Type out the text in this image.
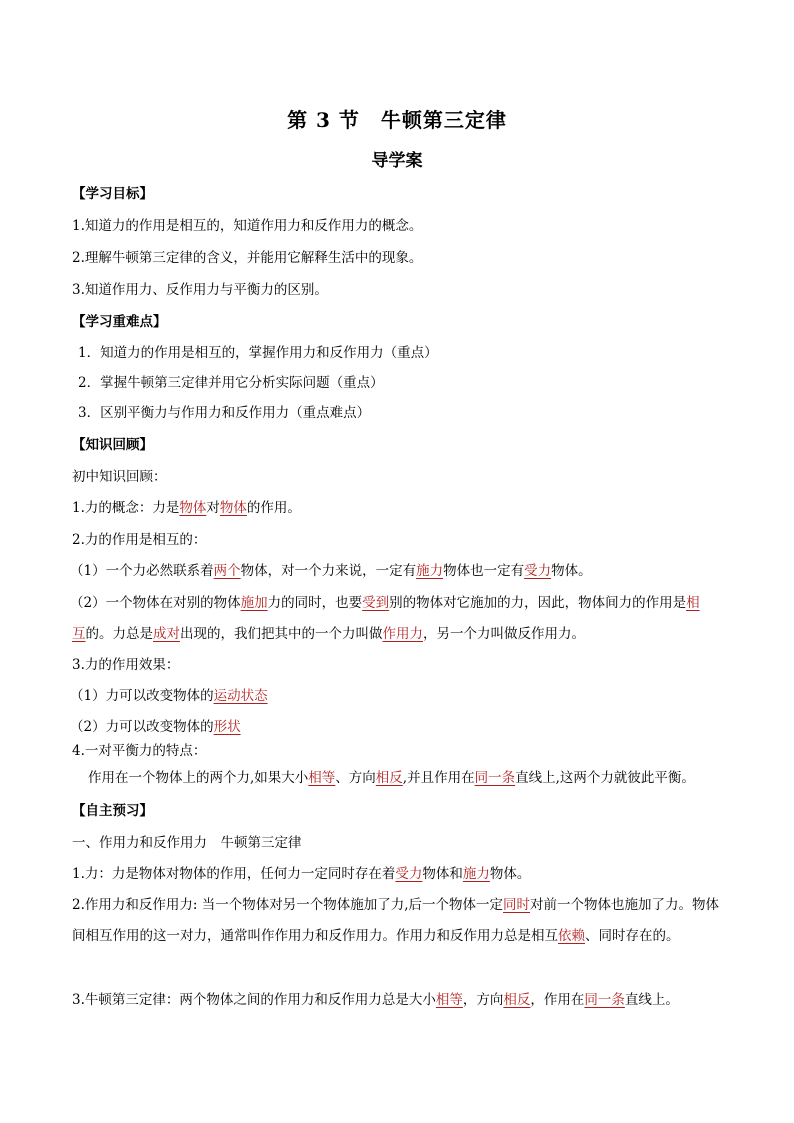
第 3 节　牛顿第三定律
导学案
【学习目标】
1.知道力的作用是相互的，知道作用力和反作用力的概念。
2.理解牛顿第三定律的含义，并能用它解释生活中的现象。
3.知道作用力、反作用力与平衡力的区别。
【学习重难点】
1．知道力的作用是相互的，掌握作用力和反作用力（重点）
2．掌握牛顿第三定律并用它分析实际问题（重点）
3．区别平衡力与作用力和反作用力（重点难点）
【知识回顾】
初中知识回顾：
1.力的概念：力是物体对物体的作用。
2.力的作用是相互的：
（1）一个力必然联系着两个物体，对一个力来说，一定有施力物体也一定有受力物体。
（2）一个物体在对别的物体施加力的同时，也要受到别的物体对它施加的力，因此，物体间力的作用是相
互的。力总是成对出现的，我们把其中的一个力叫做作用力，另一个力叫做反作用力。
3.力的作用效果：
（1）力可以改变物体的运动状态
（2）力可以改变物体的形状
4.一对平衡力的特点：
作用在一个物体上的两个力,如果大小相等、方向相反,并且作用在同一条直线上,这两个力就彼此平衡。
【自主预习】
一、作用力和反作用力　牛顿第三定律
1.力：力是物体对物体的作用，任何力一定同时存在着受力物体和施力物体。
2.作用力和反作用力: 当一个物体对另一个物体施加了力,后一个物体一定同时对前一个物体也施加了力。物体间相互作用的这一对力，通常叫作作用力和反作用力。作用力和反作用力总是相互依赖、同时存在的。
3.牛顿第三定律：两个物体之间的作用力和反作用力总是大小相等，方向相反，作用在同一条直线上。
